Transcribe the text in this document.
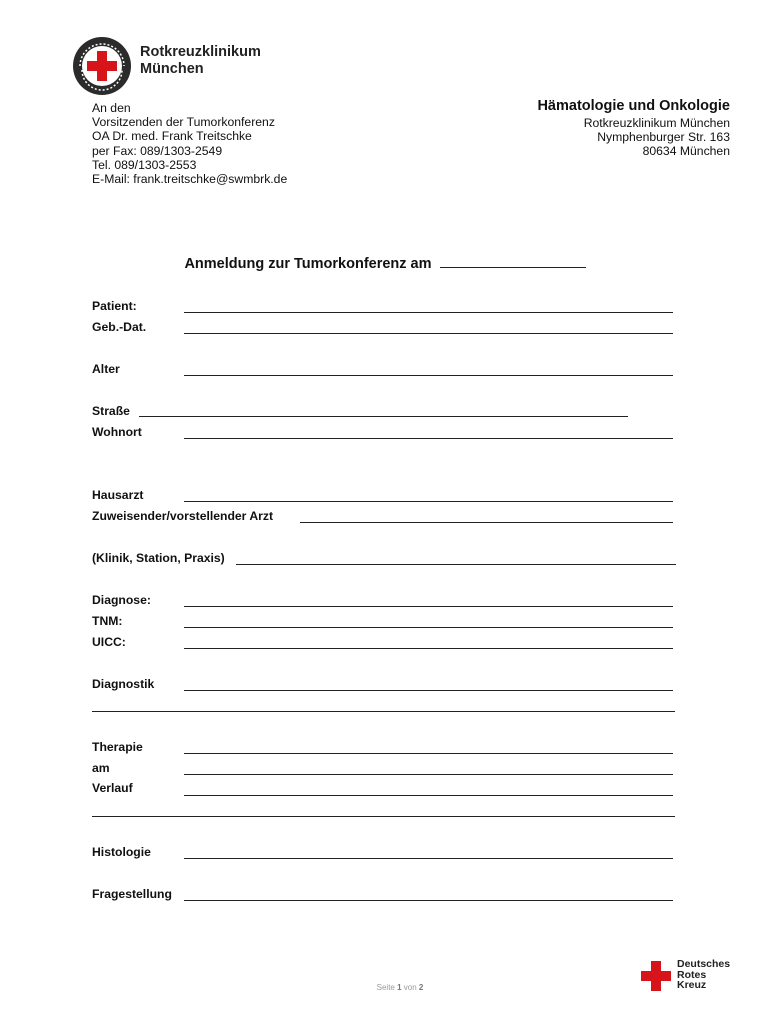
Rotkreuzklinikum
München
An den
Vorsitzenden der Tumorkonferenz
OA Dr. med. Frank Treitschke
per Fax: 089/1303-2549
Tel. 089/1303-2553
E-Mail: frank.treitschke@swmbrk.de
Hämatologie und Onkologie
Rotkreuzklinikum München
Nymphenburger Str. 163
80634 München
Anmeldung zur Tumorkonferenz am
Patient:
Geb.-Dat.
Alter
Straße
Wohnort
Hausarzt
Zuweisender/vorstellender Arzt
(Klinik, Station, Praxis)
Diagnose:
TNM:
UICC:
Diagnostik
Therapie
am
Verlauf
Histologie
Fragestellung
Seite 1 von 2
Deutsches
Rotes
Kreuz
